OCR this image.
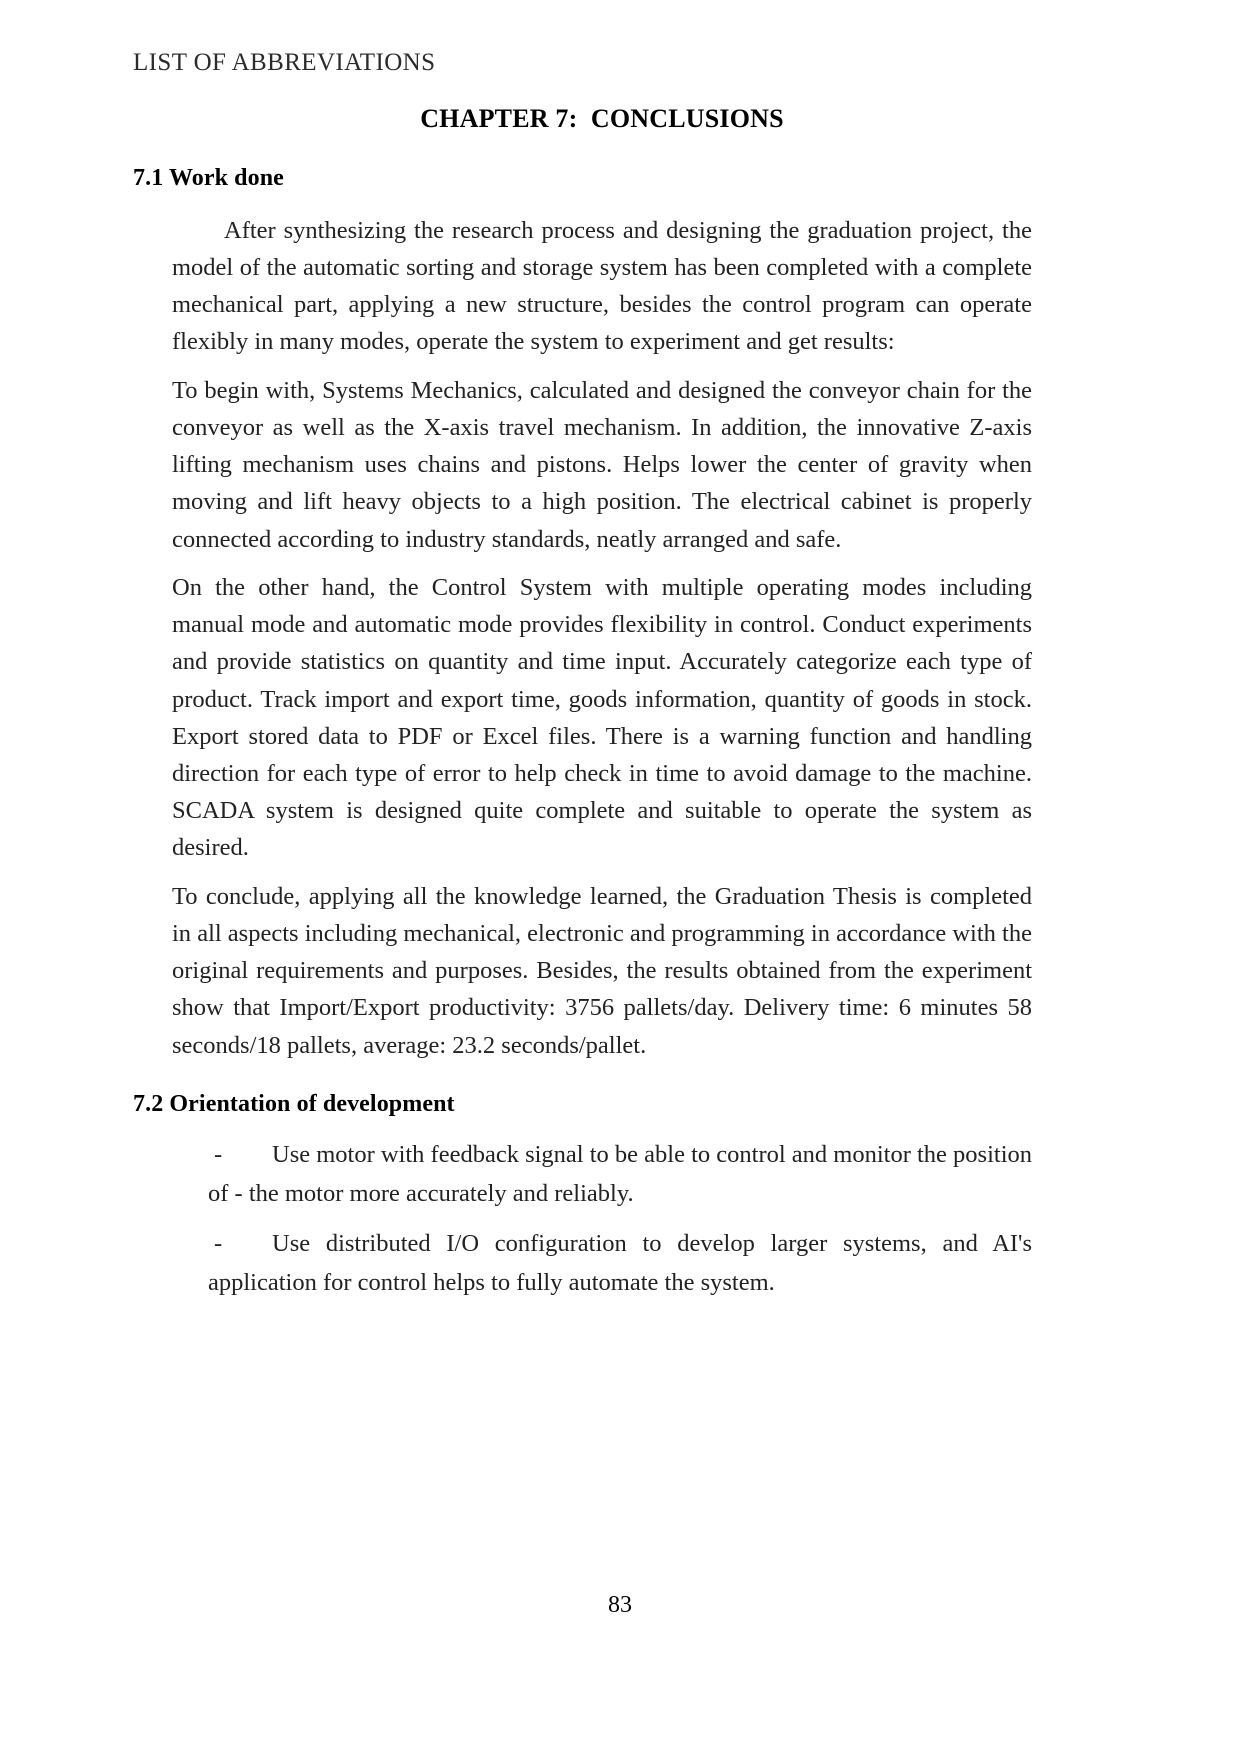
LIST OF ABBREVIATIONS
CHAPTER 7:  CONCLUSIONS
7.1 Work done

After synthesizing the research process and designing the graduation project, the model of the automatic sorting and storage system has been completed with a complete mechanical part, applying a new structure, besides the control program can operate flexibly in many modes, operate the system to experiment and get results:

To begin with, Systems Mechanics, calculated and designed the conveyor chain for the conveyor as well as the X-axis travel mechanism. In addition, the innovative Z-axis lifting mechanism uses chains and pistons. Helps lower the center of gravity when moving and lift heavy objects to a high position. The electrical cabinet is properly connected according to industry standards, neatly arranged and safe.

On the other hand, the Control System with multiple operating modes including manual mode and automatic mode provides flexibility in control. Conduct experiments and provide statistics on quantity and time input. Accurately categorize each type of product. Track import and export time, goods information, quantity of goods in stock. Export stored data to PDF or Excel files. There is a warning function and handling direction for each type of error to help check in time to avoid damage to the machine. SCADA system is designed quite complete and suitable to operate the system as desired.

To conclude, applying all the knowledge learned, the Graduation Thesis is completed in all aspects including mechanical, electronic and programming in accordance with the original requirements and purposes. Besides, the results obtained from the experiment show that Import/Export productivity: 3756 pallets/day. Delivery time: 6 minutes 58 seconds/18 pallets, average: 23.2 seconds/pallet.

7.2 Orientation of development
-	Use motor with feedback signal to be able to control and monitor the position of - the motor more accurately and reliably.
-	Use distributed I/O configuration to develop larger systems, and AI's application for control helps to fully automate the system.
83
